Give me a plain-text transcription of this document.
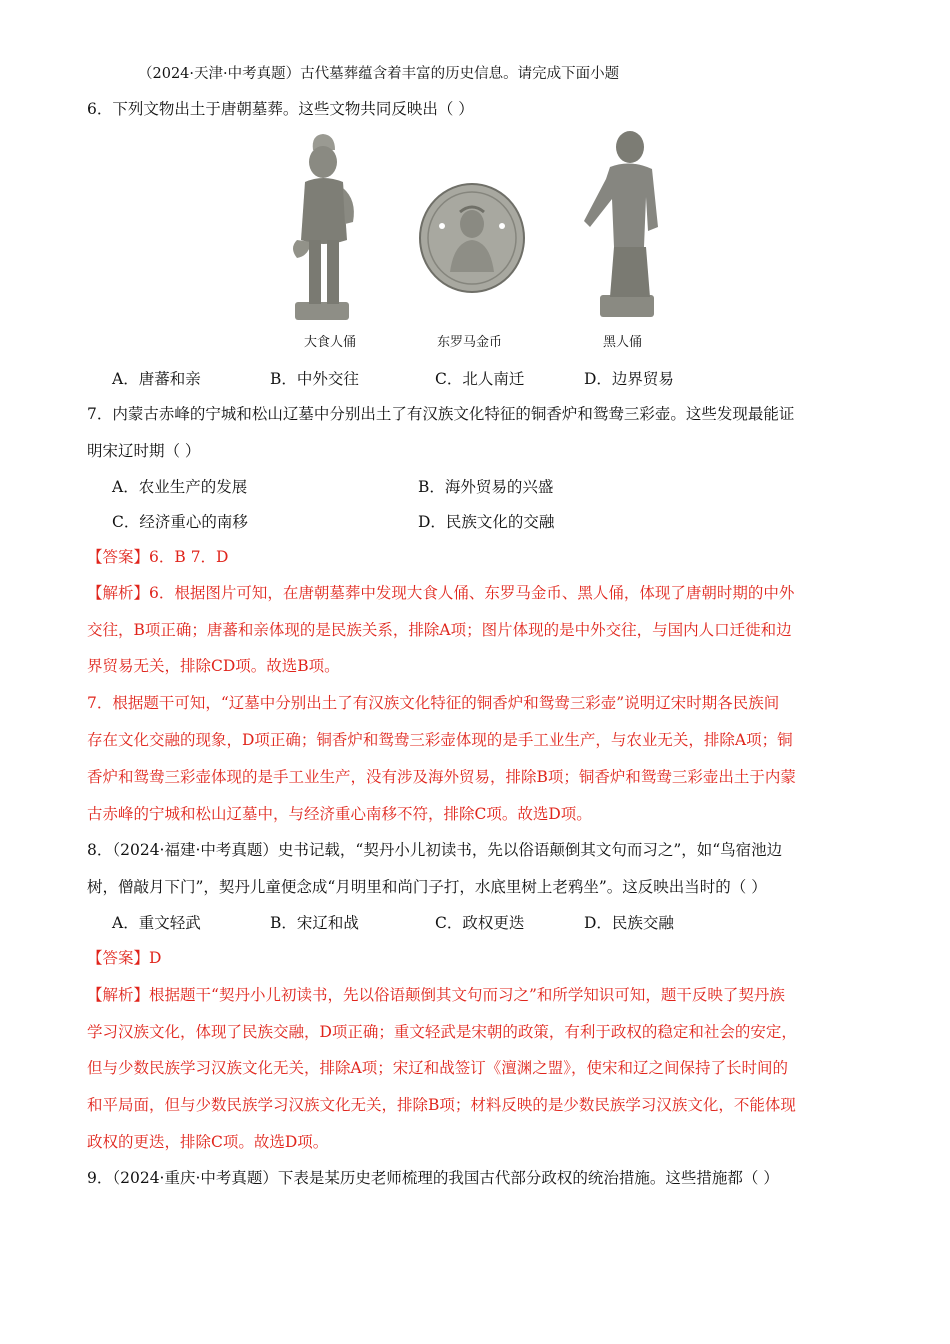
（2024·天津·中考真题）古代墓葬蕴含着丰富的历史信息。请完成下面小题
6．下列文物出土于唐朝墓葬。这些文物共同反映出（ ）
大食人俑	东罗马金币	黑人俑
A．唐蕃和亲	B．中外交往	C．北人南迁	D．边界贸易
7．内蒙古赤峰的宁城和松山辽墓中分别出土了有汉族文化特征的铜香炉和鸳鸯三彩壶。这些发现最能证
明宋辽时期（ ）
A．农业生产的发展	B．海外贸易的兴盛
C．经济重心的南移	D．民族文化的交融
【答案】6．B 7．D
【解析】6．根据图片可知，在唐朝墓葬中发现大食人俑、东罗马金币、黑人俑，体现了唐朝时期的中外
交往，B项正确；唐蕃和亲体现的是民族关系，排除A项；图片体现的是中外交往，与国内人口迁徙和边
界贸易无关，排除CD项。故选B项。
7．根据题干可知，“辽墓中分别出土了有汉族文化特征的铜香炉和鸳鸯三彩壶”说明辽宋时期各民族间
存在文化交融的现象，D项正确；铜香炉和鸳鸯三彩壶体现的是手工业生产，与农业无关，排除A项；铜
香炉和鸳鸯三彩壶体现的是手工业生产，没有涉及海外贸易，排除B项；铜香炉和鸳鸯三彩壶出土于内蒙
古赤峰的宁城和松山辽墓中，与经济重心南移不符，排除C项。故选D项。
8．（2024·福建·中考真题）史书记载，“契丹小儿初读书，先以俗语颠倒其文句而习之”，如“鸟宿池边
树，僧敲月下门”，契丹儿童便念成“月明里和尚门子打，水底里树上老鸦坐”。这反映出当时的（ ）
A．重文轻武	B．宋辽和战	C．政权更迭	D．民族交融
【答案】D
【解析】根据题干“契丹小儿初读书，先以俗语颠倒其文句而习之”和所学知识可知，题干反映了契丹族
学习汉族文化，体现了民族交融，D项正确；重文轻武是宋朝的政策，有利于政权的稳定和社会的安定，
但与少数民族学习汉族文化无关，排除A项；宋辽和战签订《澶渊之盟》，使宋和辽之间保持了长时间的
和平局面，但与少数民族学习汉族文化无关，排除B项；材料反映的是少数民族学习汉族文化，不能体现
政权的更迭，排除C项。故选D项。
9．（2024·重庆·中考真题）下表是某历史老师梳理的我国古代部分政权的统治措施。这些措施都（ ）
